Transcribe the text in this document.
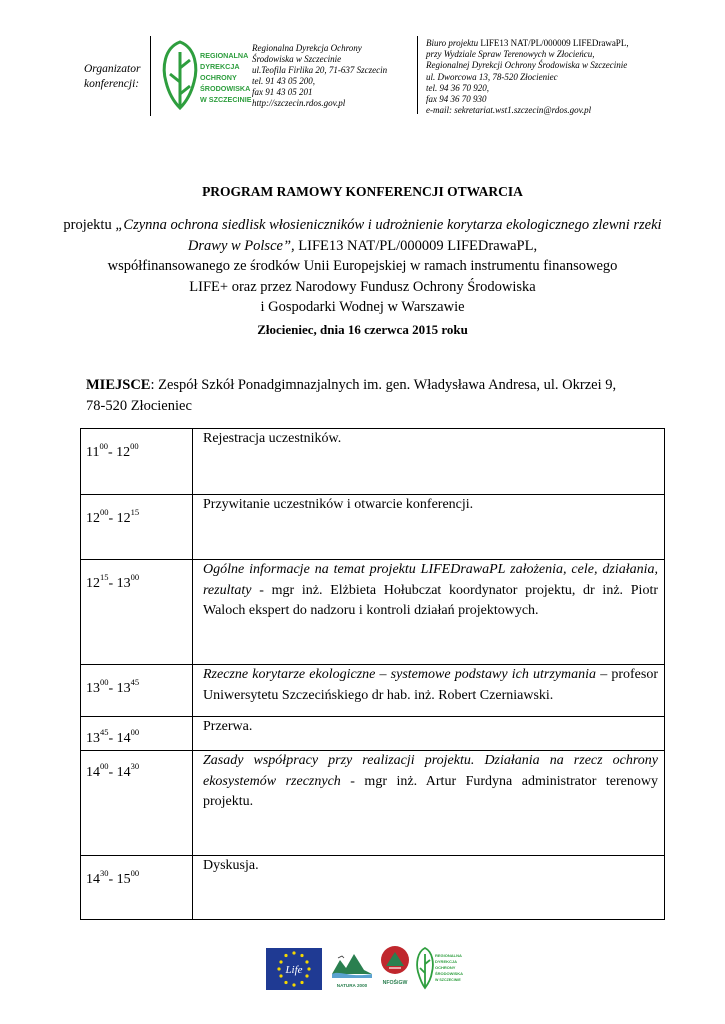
Organizator konferencji:
REGIONALNA
DYREKCJA
OCHRONY
ŚRODOWISKA
W SZCZECINIE
Regionalna Dyrekcja Ochrony
Środowiska w Szczecinie
ul.Teofila Firlika 20, 71-637 Szczecin
tel. 91 43 05 200,
fax 91 43 05 201
http://szczecin.rdos.gov.pl
Biuro projektu LIFE13 NAT/PL/000009 LIFEDrawaPL,
przy Wydziale Spraw Terenowych w Złocieńcu,
Regionalnej Dyrekcji Ochrony Środowiska w Szczecinie
ul. Dworcowa 13, 78-520 Złocieniec
tel. 94 36 70 920,
fax 94 36 70 930
e-mail: sekretariat.wst1.szczecin@rdos.gov.pl
PROGRAM RAMOWY KONFERENCJI OTWARCIA
projektu „Czynna ochrona siedlisk włosieniczników i udrożnienie korytarza ekologicznego zlewni rzeki Drawy w Polsce”, LIFE13 NAT/PL/000009 LIFEDrawaPL,
współfinansowanego ze środków Unii Europejskiej w ramach instrumentu finansowego
LIFE+ oraz przez Narodowy Fundusz Ochrony Środowiska
i Gospodarki Wodnej w Warszawie
Złocieniec, dnia 16 czerwca 2015 roku
MIEJSCE: Zespół Szkół Ponadgimnazjalnych im. gen. Władysława Andresa, ul. Okrzei 9,
78-520 Złocieniec
$11^{00}-$ $12^{00}$	Rejestracja uczestników.
$12^{00}-$ $12^{15}$	Przywitanie uczestników i otwarcie konferencji.
$12^{15}-$ $13^{00}$	Ogólne informacje na temat projektu LIFEDrawaPL założenia, cele, działania, rezultaty - mgr inż. Elżbieta Hołubczat koordynator projektu, dr inż. Piotr Waloch ekspert do nadzoru i kontroli działań projektowych.
$13^{00}-$ $13^{45}$	Rzeczne korytarze ekologiczne – systemowe podstawy ich utrzymania – profesor Uniwersytetu Szczecińskiego dr hab. inż. Robert Czerniawski.
$13^{45}-$ $14^{00}$	Przerwa.
$14^{00}-$ $14^{30}$	Zasady współpracy przy realizacji projektu. Działania na rzecz ochrony ekosystemów rzecznych - mgr inż. Artur Furdyna administrator terenowy projektu.
$14^{30}-$ $15^{00}$	Dyskusja.
Life
NATURA 2000	NFOŚiGW
REGIONALNA
DYREKCJA
OCHRONY
ŚRODOWISKA
W SZCZECINIE
